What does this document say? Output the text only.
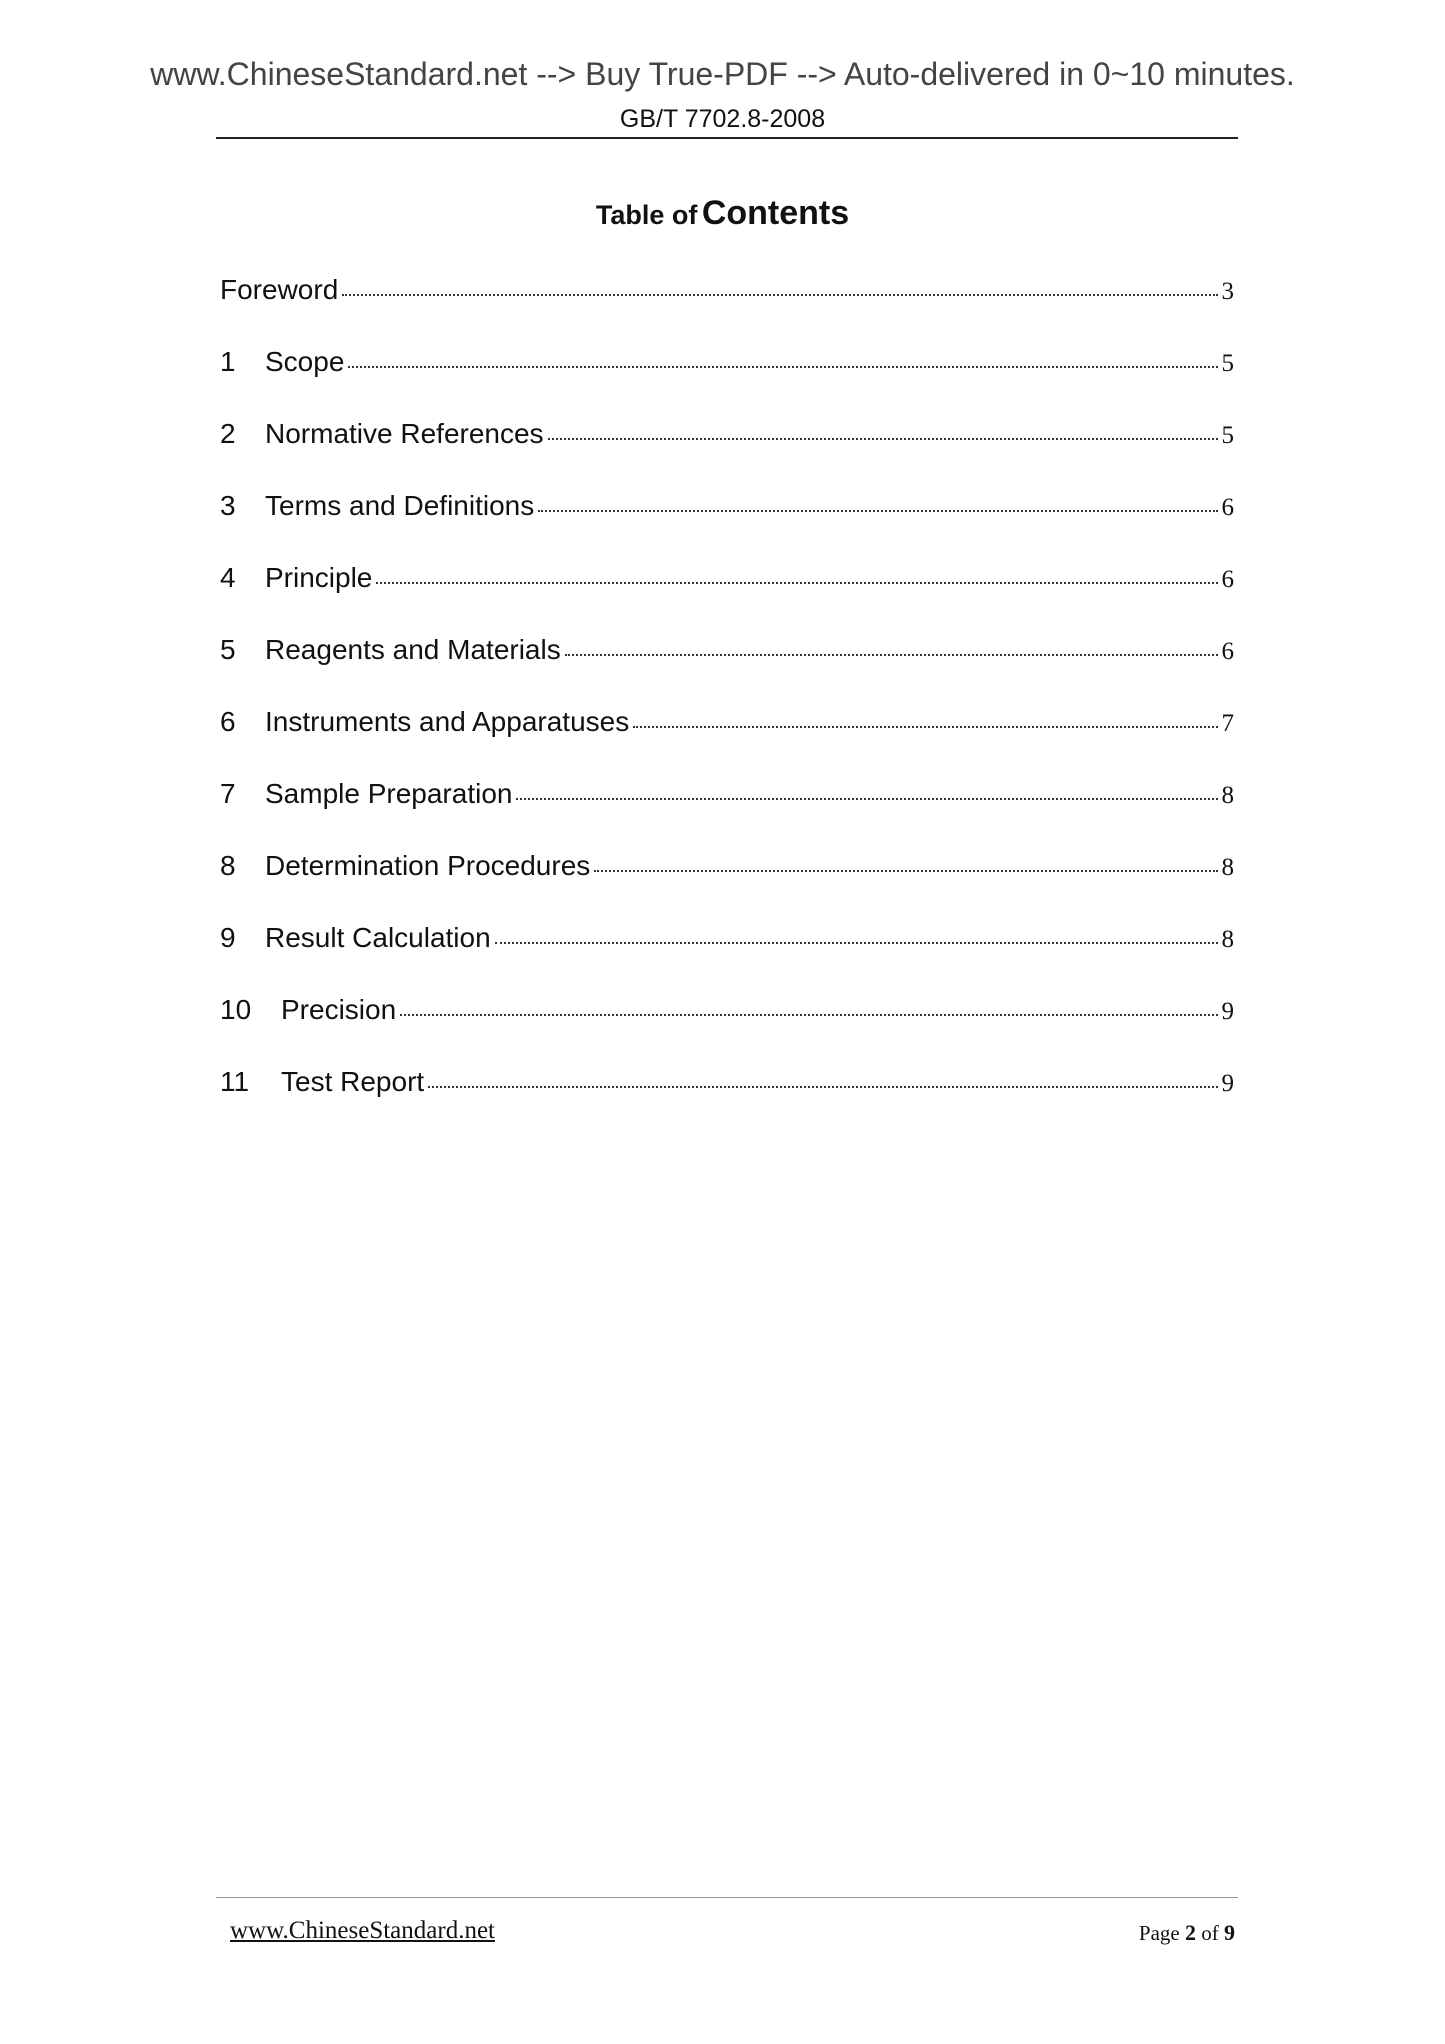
www.ChineseStandard.net --> Buy True-PDF --> Auto-delivered in 0~10 minutes.
GB/T 7702.8-2008
Table of Contents
Foreword	3
1	Scope	5
2	Normative References	5
3	Terms and Definitions	6
4	Principle	6
5	Reagents and Materials	6
6	Instruments and Apparatuses	7
7	Sample Preparation	8
8	Determination Procedures	8
9	Result Calculation	8
10	Precision	9
11	Test Report	9
www.ChineseStandard.net	Page 2 of 9
